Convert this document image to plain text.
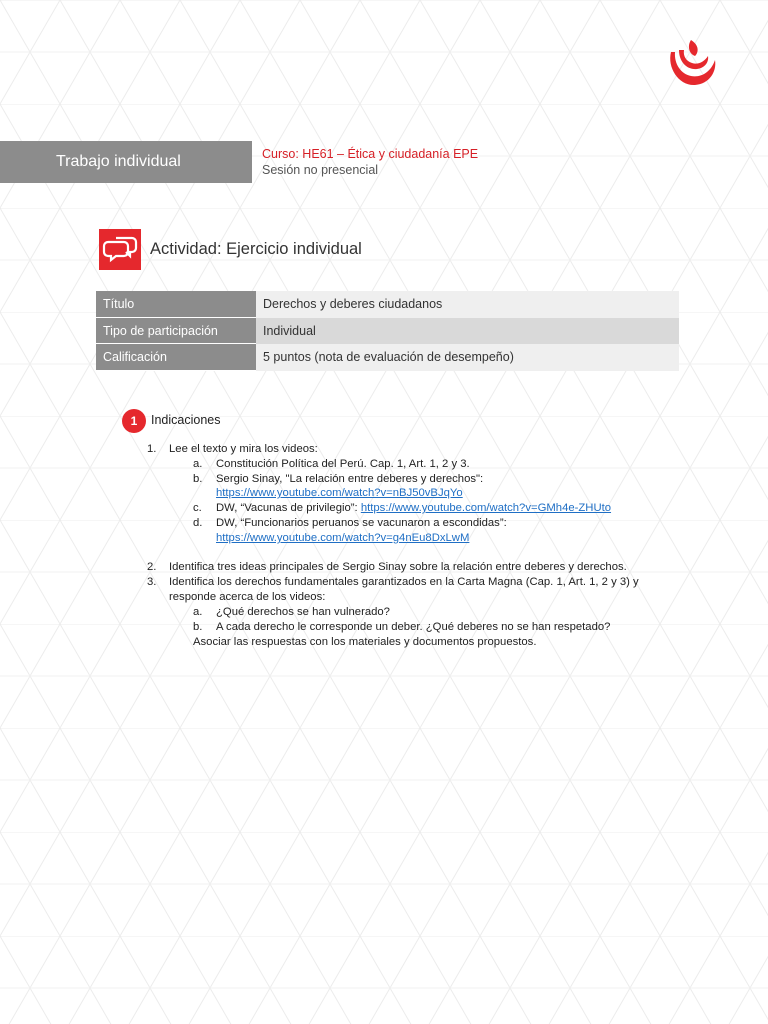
Trabajo individual	Curso: HE61 – Ética y ciudadanía EPE
Sesión no presencial
Actividad: Ejercicio individual
Título	Derechos y deberes ciudadanos
Tipo de participación	Individual
Calificación	5 puntos (nota de evaluación de desempeño)
1	Indicaciones
1. Lee el texto y mira los videos:
a. Constitución Política del Perú. Cap. 1, Art. 1, 2 y 3.
b. Sergio Sinay, "La relación entre deberes y derechos":
https://www.youtube.com/watch?v=nBJ50vBJqYo
c. DW, “Vacunas de privilegio”: https://www.youtube.com/watch?v=GMh4e-ZHUto
d. DW, “Funcionarios peruanos se vacunaron a escondidas”:
https://www.youtube.com/watch?v=g4nEu8DxLwM
2. Identifica tres ideas principales de Sergio Sinay sobre la relación entre deberes y derechos.
3. Identifica los derechos fundamentales garantizados en la Carta Magna (Cap. 1, Art. 1, 2 y 3) y
responde acerca de los videos:
a. ¿Qué derechos se han vulnerado?
b. A cada derecho le corresponde un deber. ¿Qué deberes no se han respetado?
Asociar las respuestas con los materiales y documentos propuestos.
